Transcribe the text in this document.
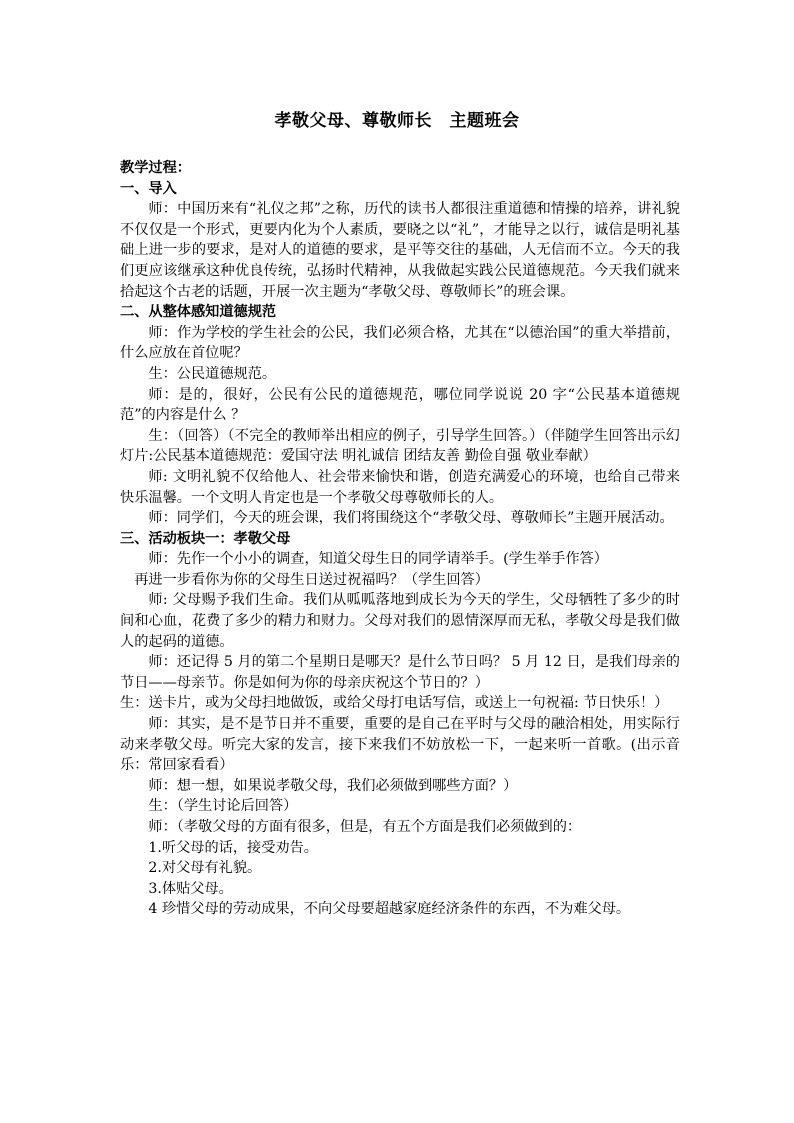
孝敬父母、尊敬师长　主题班会

教学过程：

一、导入

师：中国历来有“礼仪之邦”之称，历代的读书人都很注重道德和情操的培养，讲礼貌不仅仅是一个形式，更要内化为个人素质，要晓之以“礼”，才能导之以行，诚信是明礼基础上进一步的要求，是对人的道德的要求，是平等交往的基础，人无信而不立。今天的我们更应该继承这种优良传统，弘扬时代精神，从我做起实践公民道德规范。今天我们就来拾起这个古老的话题，开展一次主题为“孝敬父母、尊敬师长”的班会课。

二、从整体感知道德规范

师：作为学校的学生社会的公民，我们必须合格，尤其在“以德治国”的重大举措前，什么应放在首位呢？

生：公民道德规范。

师：是的，很好，公民有公民的道德规范，哪位同学说说 20 字“公民基本道德规范”的内容是什么 ？

生：（回答）（不完全的教师举出相应的例子，引导学生回答。）（伴随学生回答出示幻灯片:公民基本道德规范：爱国守法 明礼诚信 团结友善 勤俭自强 敬业奉献）

师: 文明礼貌不仅给他人、社会带来愉快和谐，创造充满爱心的环境，也给自己带来快乐温馨。一个文明人肯定也是一个孝敬父母尊敬师长的人。

师：同学们，今天的班会课，我们将围绕这个“孝敬父母、尊敬师长”主题开展活动。

三、活动板块一：孝敬父母

师：先作一个小小的调查，知道父母生日的同学请举手。(学生举手作答）

再进一步看你为你的父母生日送过祝福吗？（学生回答）

师: 父母赐予我们生命。我们从呱呱落地到成长为今天的学生，父母牺牲了多少的时间和心血，花费了多少的精力和财力。父母对我们的恩情深厚而无私，孝敬父母是我们做人的起码的道德。

师：还记得 5 月的第二个星期日是哪天？是什么节日吗？ 5 月 12 日，是我们母亲的节日——母亲节。你是如何为你的母亲庆祝这个节日的？）

生：送卡片，或为父母扫地做饭，或给父母打电话写信，或送上一句祝福: 节日快乐！）

师：其实，是不是节日并不重要，重要的是自己在平时与父母的融洽相处，用实际行动来孝敬父母。听完大家的发言，接下来我们不妨放松一下，一起来听一首歌。(出示音乐：常回家看看）

师：想一想，如果说孝敬父母，我们必须做到哪些方面？）

生：（学生讨论后回答）

师：（孝敬父母的方面有很多，但是，有五个方面是我们必须做到的：

1.听父母的话，接受劝告。

2.对父母有礼貌。

3.体贴父母。

4 珍惜父母的劳动成果，不向父母要超越家庭经济条件的东西，不为难父母。
